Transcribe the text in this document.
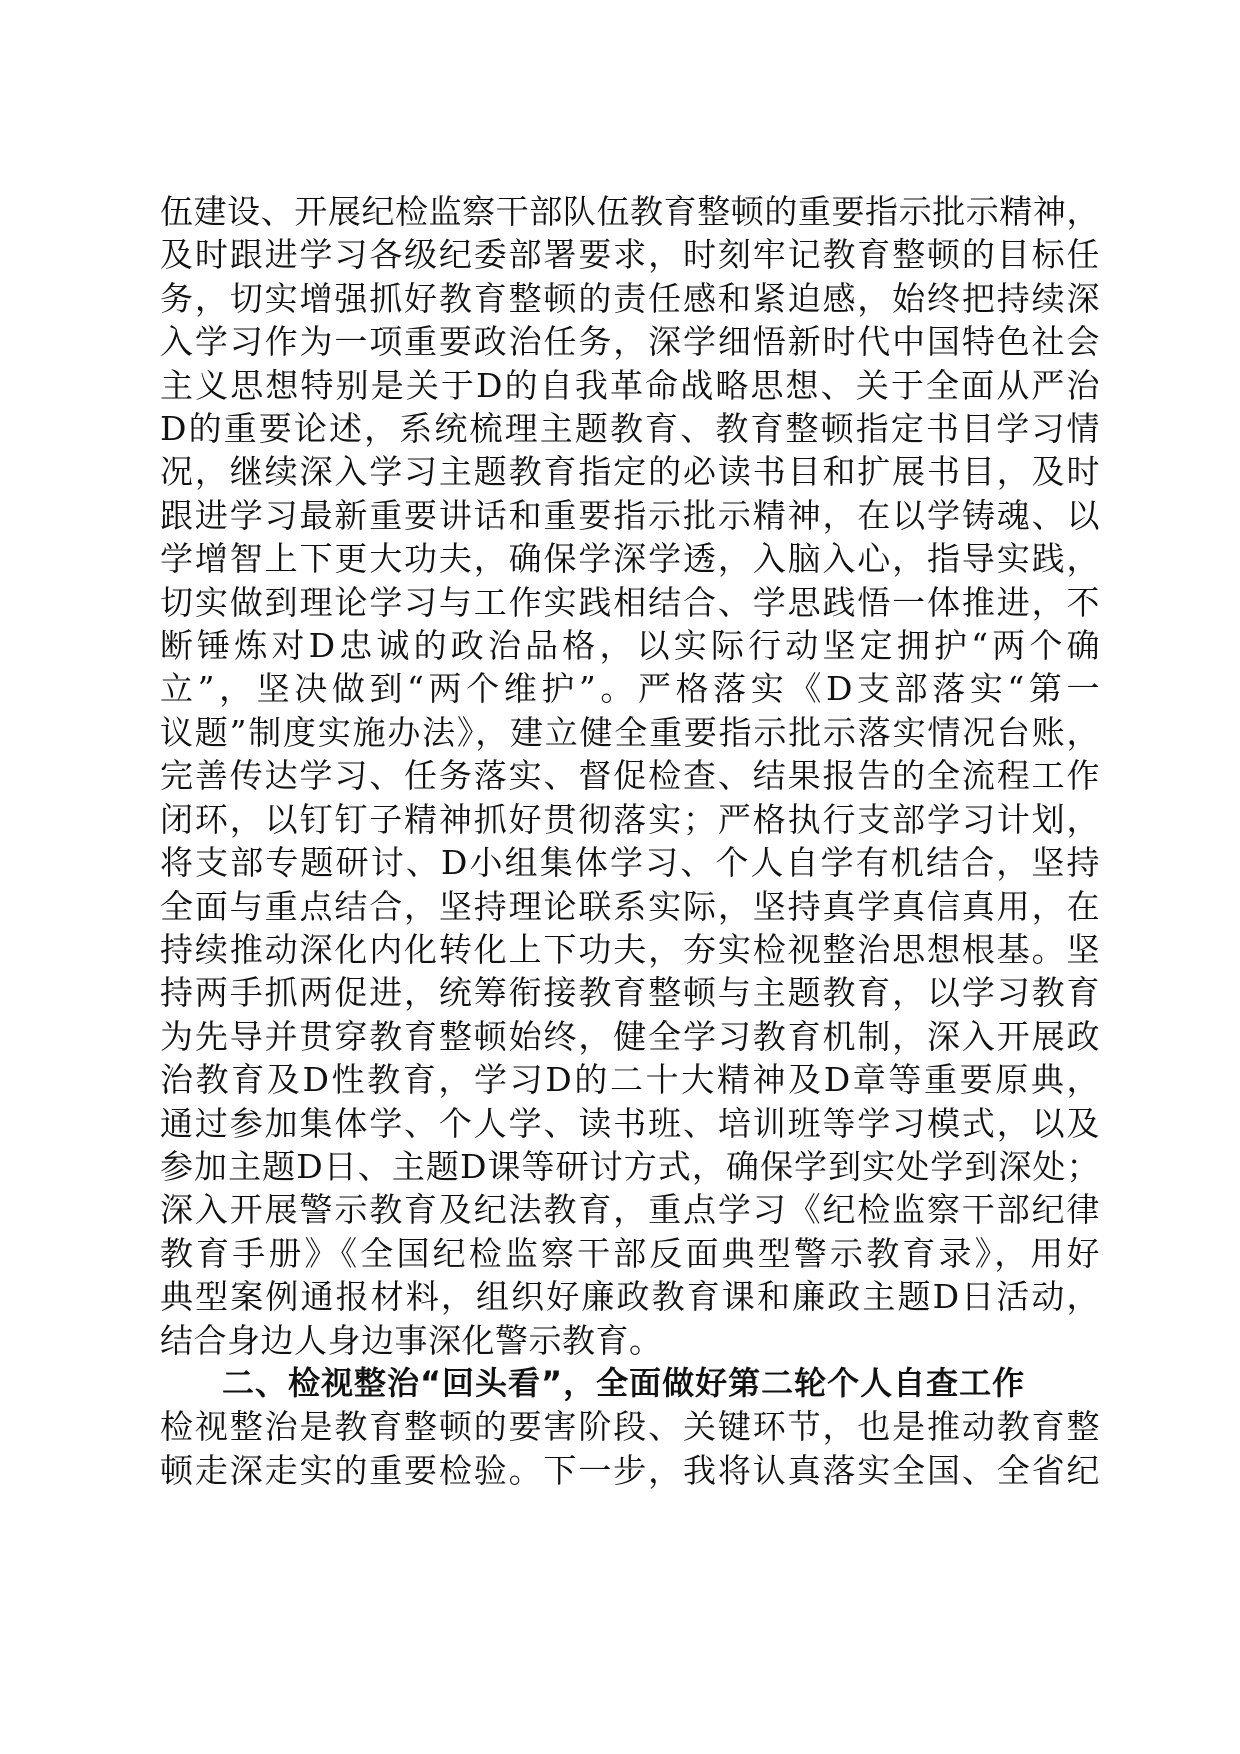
伍建设、开展纪检监察干部队伍教育整顿的重要指示批示精神，
及时跟进学习各级纪委部署要求，时刻牢记教育整顿的目标任
务，切实增强抓好教育整顿的责任感和紧迫感，始终把持续深
入学习作为一项重要政治任务，深学细悟新时代中国特色社会
主义思想特别是关于D的自我革命战略思想、关于全面从严治
D的重要论述，系统梳理主题教育、教育整顿指定书目学习情
况，继续深入学习主题教育指定的必读书目和扩展书目，及时
跟进学习最新重要讲话和重要指示批示精神，在以学铸魂、以
学增智上下更大功夫，确保学深学透，入脑入心，指导实践，
切实做到理论学习与工作实践相结合、学思践悟一体推进，不
断锤炼对D忠诚的政治品格，以实际行动坚定拥护“两个确
立”，坚决做到“两个维护”。严格落实《D支部落实“第一
议题”制度实施办法》，建立健全重要指示批示落实情况台账，
完善传达学习、任务落实、督促检查、结果报告的全流程工作
闭环，以钉钉子精神抓好贯彻落实；严格执行支部学习计划，
将支部专题研讨、D小组集体学习、个人自学有机结合，坚持
全面与重点结合，坚持理论联系实际，坚持真学真信真用，在
持续推动深化内化转化上下功夫，夯实检视整治思想根基。坚
持两手抓两促进，统筹衔接教育整顿与主题教育，以学习教育
为先导并贯穿教育整顿始终，健全学习教育机制，深入开展政
治教育及D性教育，学习D的二十大精神及D章等重要原典，
通过参加集体学、个人学、读书班、培训班等学习模式，以及
参加主题D日、主题D课等研讨方式，确保学到实处学到深处；
深入开展警示教育及纪法教育，重点学习《纪检监察干部纪律
教育手册》《全国纪检监察干部反面典型警示教育录》，用好
典型案例通报材料，组织好廉政教育课和廉政主题D日活动，
结合身边人身边事深化警示教育。
二、检视整治“回头看”，全面做好第二轮个人自查工作
检视整治是教育整顿的要害阶段、关键环节，也是推动教育整
顿走深走实的重要检验。下一步，我将认真落实全国、全省纪
